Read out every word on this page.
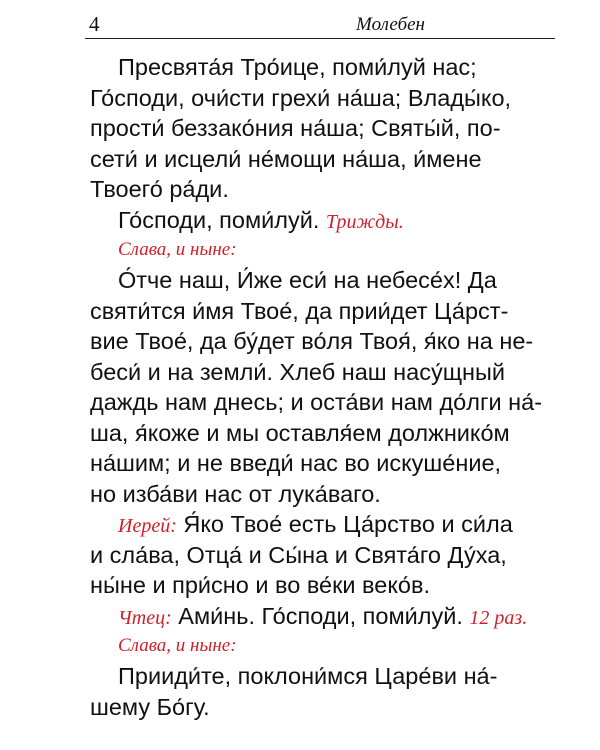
4	Молебен
Пресвята́я Тро́ице, поми́луй нас;
Го́споди, очи́сти грехи́ на́ша; Влады́ко,
прости́ беззако́ния на́ша; Святы́й, по-
сети́ и исцели́ не́мощи на́ша, и́мене
Твоего́ ра́ди.
Го́споди, поми́луй. Трижды.
Слава, и ныне:
О́тче наш, И́же еси́ на небесе́х! Да
святи́тся и́мя Твое́, да прии́дет Ца́рст-
вие Твое́, да бу́дет во́ля Твоя́, я́ко на не-
беси́ и на земли́. Хлеб наш насу́щный
даждь нам днесь; и оста́ви нам до́лги на́-
ша, я́коже и мы оставля́ем должнико́м
на́шим; и не введи́ нас во искуше́ние,
но изба́ви нас от лука́ваго.
Иерей: Я́ко Твое́ есть Ца́рство и си́ла
и сла́ва, Отца́ и Сы́на и Свята́го Ду́ха,
ны́не и при́сно и во ве́ки веко́в.
Чтец: Ами́нь. Го́споди, поми́луй. 12 раз.
Слава, и ныне:
Прииди́те, поклони́мся Царе́ви на́-
шему Бо́гу.
